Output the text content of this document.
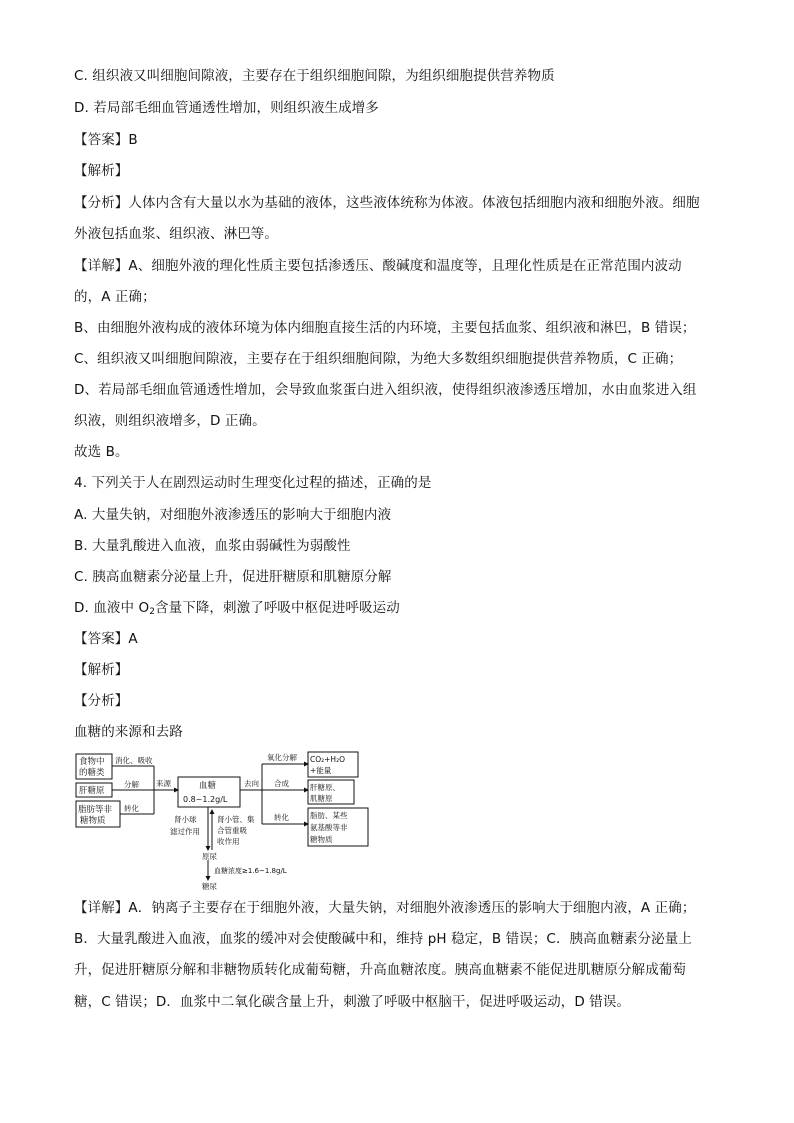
C. 组织液又叫细胞间隙液，主要存在于组织细胞间隙，为组织细胞提供营养物质
D. 若局部毛细血管通透性增加，则组织液生成增多
【答案】B
【解析】
【分析】人体内含有大量以水为基础的液体，这些液体统称为体液。体液包括细胞内液和细胞外液。细胞
外液包括血浆、组织液、淋巴等。
【详解】A、细胞外液的理化性质主要包括渗透压、酸碱度和温度等，且理化性质是在正常范围内波动
的，A 正确；
B、由细胞外液构成的液体环境为体内细胞直接生活的内环境，主要包括血浆、组织液和淋巴，B 错误；
C、组织液又叫细胞间隙液，主要存在于组织细胞间隙，为绝大多数组织细胞提供营养物质，C 正确；
D、若局部毛细血管通透性增加，会导致血浆蛋白进入组织液，使得组织液渗透压增加，水由血浆进入组
织液，则组织液增多，D 正确。
故选 B。
4. 下列关于人在剧烈运动时生理变化过程的描述，正确的是
A. 大量失钠，对细胞外液渗透压的影响大于细胞内液
B. 大量乳酸进入血液，血浆由弱碱性为弱酸性
C. 胰高血糖素分泌量上升，促进肝糖原和肌糖原分解
D. 血液中 $O_2$含量下降，刺激了呼吸中枢促进呼吸运动
【答案】A
【解析】
【分析】
血糖的来源和去路
食物中
的糖类
肝糖原
脂肪等非
糖物质
消化、吸收
分解
转化
来源	血糖
0.8~1.2g/L
去向
氧化分解
合成
转化
CO₂+H₂O
+能量
肝糖原、
肌糖原
脂肪、某些
氨基酸等非
糖物质
肾小球
滤过作用
肾小管、集
合管重吸
收作用
原尿
血糖浓度≥1.6~1.8g/L
糖尿
【详解】A．钠离子主要存在于细胞外液，大量失钠，对细胞外液渗透压的影响大于细胞内液，A 正确；
B．大量乳酸进入血液，血浆的缓冲对会使酸碱中和，维持 pH 稳定，B 错误；C．胰高血糖素分泌量上
升，促进肝糖原分解和非糖物质转化成葡萄糖，升高血糖浓度。胰高血糖素不能促进肌糖原分解成葡萄
糖，C 错误；D．血浆中二氧化碳含量上升，刺激了呼吸中枢脑干，促进呼吸运动，D 错误。
